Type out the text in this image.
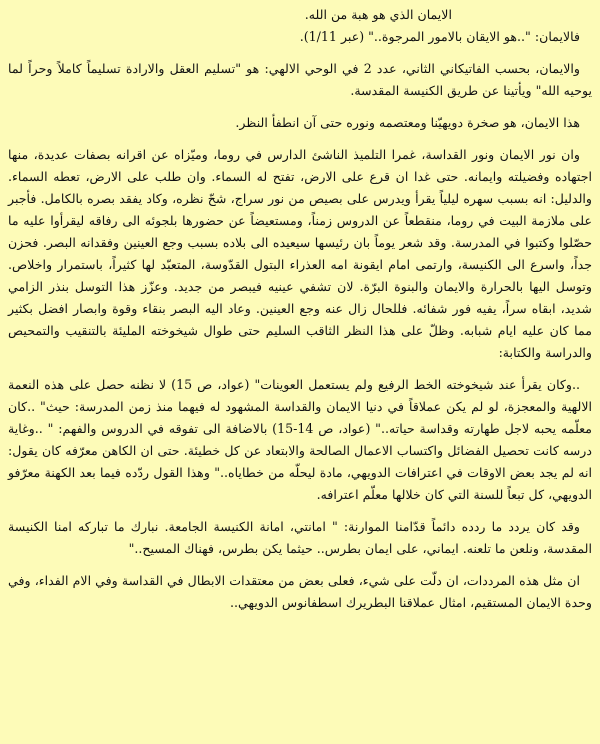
الايمان الذي هو هبة من الله.

فالايمان: "..هو الايقان بالامور المرجوة.." (عبر 1/11).

والايمان، بحسب الفاتيكاني الثاني، عدد 2 في الوحي الالهي: هو "تسليم العقل والارادة تسليماً كاملاً وحراً لما يوحيه الله" ويأتينا عن طريق الكنيسة المقدسة.

هذا الايمان، هو صخرة دويهيّنا ومعتصمه ونوره حتى آن انطفأ النظر.

وان نور الايمان ونور القداسة، غمرا التلميذ الناشئ الدارس في روما، وميّزاه عن اقرانه بصفات عديدة، منها اجتهاده وفضيلته وايمانه. حتى غدا ان قرع على الارض، تفتح له السماء. وان طلب على الارض، تعطه السماء. والدليل: انه بسبب سهره ليلياً يقرأ ويدرس على بصيص من نور سراج، شحّ نظره، وكاد يفقد بصره بالكامل. فأجبر على ملازمة البيت في روما، منقطعاً عن الدروس زمناً، ومستعيضاً عن حضورها بلجوئه الى رفاقه ليقرأوا عليه ما حصّلوا وكتبوا في المدرسة. وقد شعر يوماً بان رئيسها سيعيده الى بلاده بسبب وجع العينين وفقدانه البصر. فحزن جداً، واسرع الى الكنيسة، وارتمى امام ايقونة امه العذراء البتول القدّوسة، المتعبّد لها كثيراً، باستمرار واخلاص. وتوسل اليها بالحرارة والايمان والبنوة البرّة. لان تشفي عينيه فيبصر من جديد. وعزّز هذا التوسل بنذر الزامي شديد، ابقاه سراً، يفيه فور شفائه. فللحال زال عنه وجع العينين. وعاد اليه البصر بنقاء وقوة وابصار افضل بكثير مما كان عليه ايام شبابه. وظلّ على هذا النظر الثاقب السليم حتى طوال شيخوخته المليئة بالتنقيب والتمحيص والدراسة والكتابة:

..وكان يقرأ عند شيخوخته الخط الرفيع ولم يستعمل العوينات" (عواد، ص 15) لا نظنه حصل على هذه النعمة الالهية والمعجزة، لو لم يكن عملاقاً في دنيا الايمان والقداسة المشهود له فيهما منذ زمن المدرسة: حيث" ..كان معلّمه يحبه لاجل طهارته وقداسة حياته.." (عواد، ص 14-15) بالاضافة الى تفوقه في الدروس والفهم: " ..وغاية درسه كانت تحصيل الفضائل واكتساب الاعمال الصالحة والابتعاد عن كل خطيئة. حتى ان الكاهن معرّفه كان يقول: انه لم يجد بعض الاوقات في اعترافات الدويهي، مادة ليحلّه من خطاياه.." وهذا القول ردّده فيما بعد الكهنة معرّفو الدويهي، كل تبعاً للسنة التي كان خلالها معلّم اعترافه.

وقد كان يردد ما ردده دائماً قدّامنا الموارنة: " امانتي، امانة الكنيسة الجامعة. نبارك ما تباركه امنا الكنيسة المقدسة، ونلعن ما تلعنه. ايماني، على ايمان بطرس.. حيثما يكن بطرس، فهناك المسيح.."

ان مثل هذه المرددات، ان دلّت على شيء، فعلى بعض من معتقدات الابطال في القداسة وفي الام الفداء، وفي وحدة الايمان المستقيم، امثال عملاقنا البطريرك اسطفانوس الدويهي..
